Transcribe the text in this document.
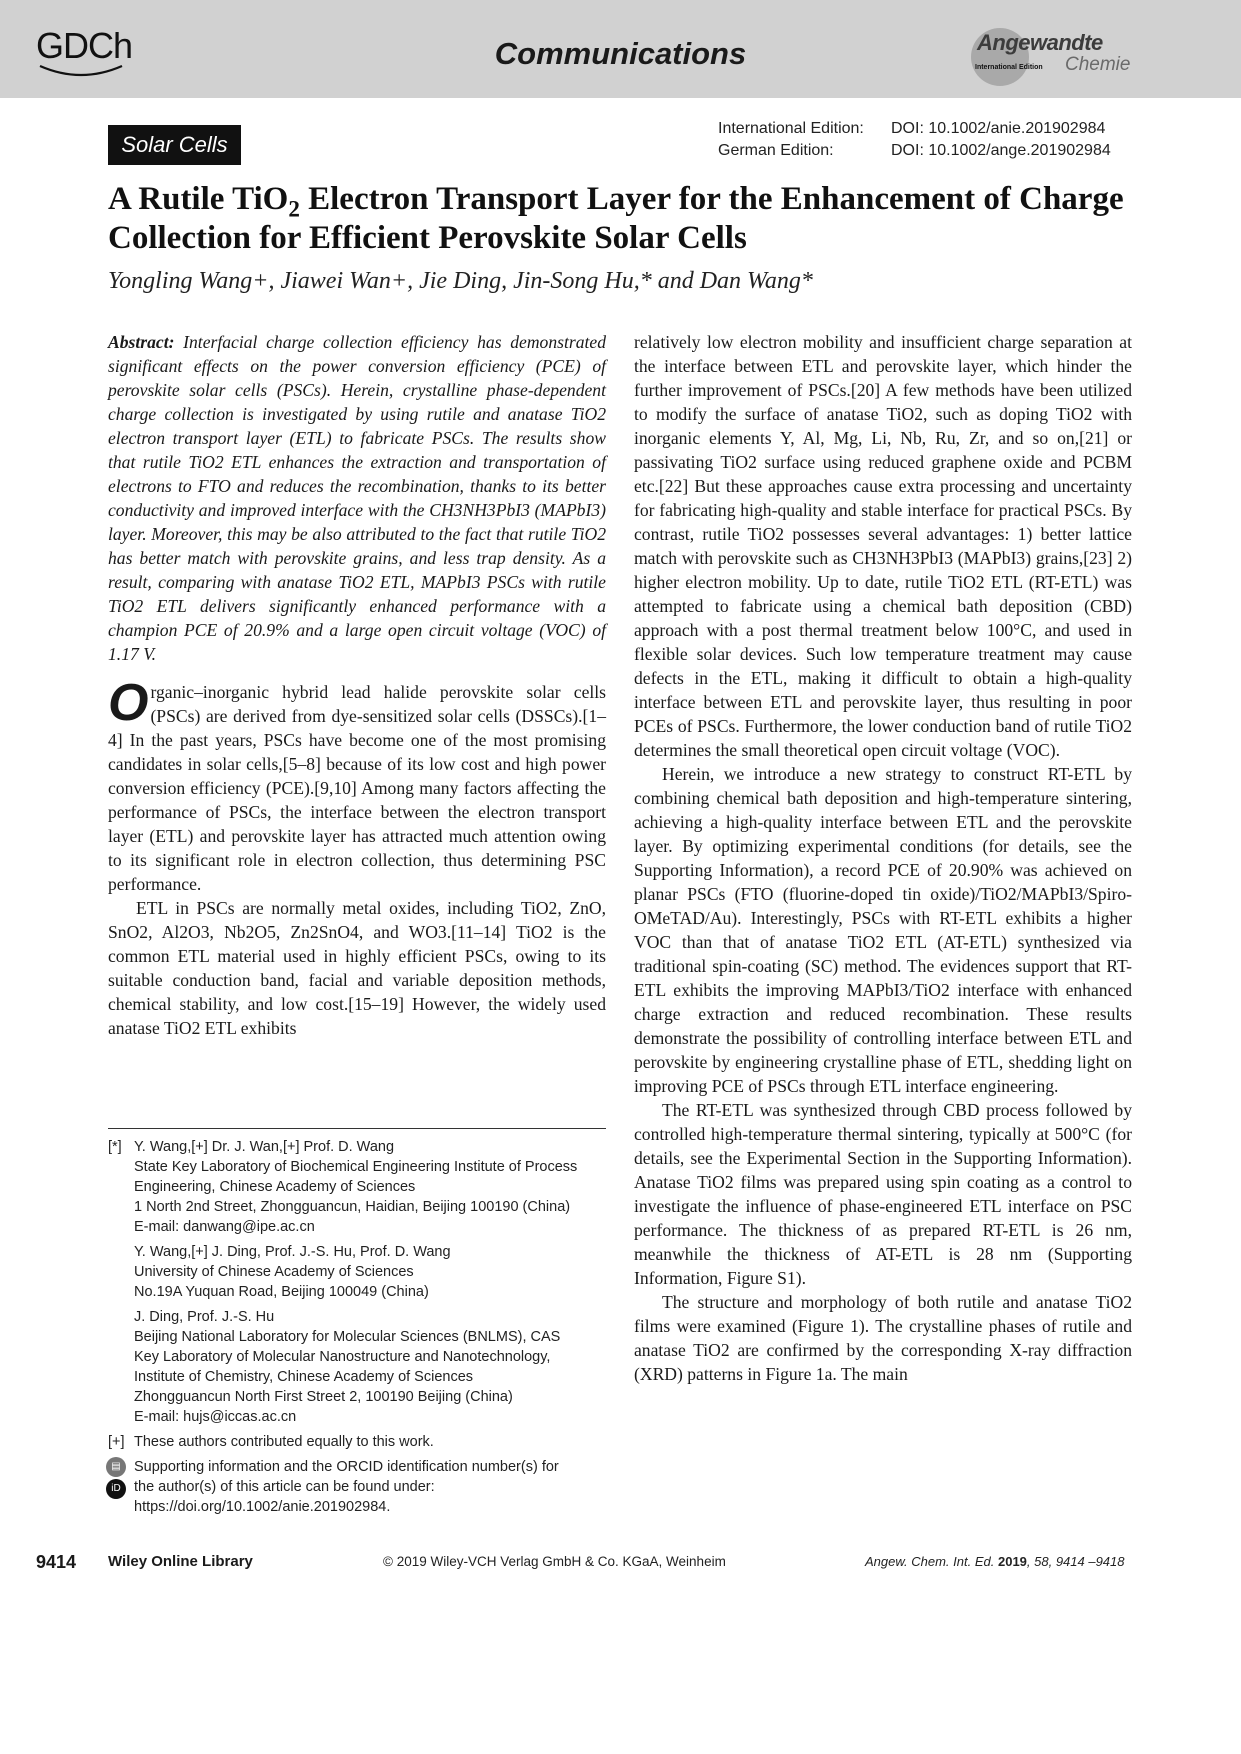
GDCh	Communications	Angewandte
International Edition Chemie
Solar Cells
International Edition: DOI: 10.1002/anie.201902984
German Edition:	DOI: 10.1002/ange.201902984
A Rutile TiO$_2$ Electron Transport Layer for the Enhancement of Charge Collection for Efficient Perovskite Solar Cells
Yongling Wang+, Jiawei Wan+, Jie Ding, Jin-Song Hu,* and Dan Wang*

Abstract: Interfacial charge collection efficiency has demonstrated significant effects on the power conversion efficiency (PCE) of perovskite solar cells (PSCs). Herein, crystalline phase-dependent charge collection is investigated by using rutile and anatase TiO2 electron transport layer (ETL) to fabricate PSCs. The results show that rutile TiO2 ETL enhances the extraction and transportation of electrons to FTO and reduces the recombination, thanks to its better conductivity and improved interface with the CH3NH3PbI3 (MAPbI3) layer. Moreover, this may be also attributed to the fact that rutile TiO2 has better match with perovskite grains, and less trap density. As a result, comparing with anatase TiO2 ETL, MAPbI3 PSCs with rutile TiO2 ETL delivers significantly enhanced performance with a champion PCE of 20.9% and a large open circuit voltage (VOC) of 1.17 V.

Organic–inorganic hybrid lead halide perovskite solar cells (PSCs) are derived from dye-sensitized solar cells (DSSCs).[1–4] In the past years, PSCs have become one of the most promising candidates in solar cells,[5–8] because of its low cost and high power conversion efficiency (PCE).[9,10] Among many factors affecting the performance of PSCs, the interface between the electron transport layer (ETL) and perovskite layer has attracted much attention owing to its significant role in electron collection, thus determining PSC performance.

ETL in PSCs are normally metal oxides, including TiO2, ZnO, SnO2, Al2O3, Nb2O5, Zn2SnO4, and WO3.[11–14] TiO2 is the common ETL material used in highly efficient PSCs, owing to its suitable conduction band, facial and variable deposition methods, chemical stability, and low cost.[15–19] However, the widely used anatase TiO2 ETL exhibits

[*] Y. Wang,[+] Dr. J. Wan,[+] Prof. D. Wang
State Key Laboratory of Biochemical Engineering Institute of Process
Engineering, Chinese Academy of Sciences
1 North 2nd Street, Zhongguancun, Haidian, Beijing 100190 (China)
E-mail: danwang@ipe.ac.cn
Y. Wang,[+] J. Ding, Prof. J.-S. Hu, Prof. D. Wang
University of Chinese Academy of Sciences
No.19A Yuquan Road, Beijing 100049 (China)
J. Ding, Prof. J.-S. Hu
Beijing National Laboratory for Molecular Sciences (BNLMS), CAS
Key Laboratory of Molecular Nanostructure and Nanotechnology,
Institute of Chemistry, Chinese Academy of Sciences
Zhongguancun North First Street 2, 100190 Beijing (China)
E-mail: hujs@iccas.ac.cn
[+] These authors contributed equally to this work.
▤
iD
Supporting information and the ORCID identification number(s) for
the author(s) of this article can be found under:
https://doi.org/10.1002/anie.201902984.

relatively low electron mobility and insufficient charge separation at the interface between ETL and perovskite layer, which hinder the further improvement of PSCs.[20] A few methods have been utilized to modify the surface of anatase TiO2, such as doping TiO2 with inorganic elements Y, Al, Mg, Li, Nb, Ru, Zr, and so on,[21] or passivating TiO2 surface using reduced graphene oxide and PCBM etc.[22] But these approaches cause extra processing and uncertainty for fabricating high-quality and stable interface for practical PSCs. By contrast, rutile TiO2 possesses several advantages: 1) better lattice match with perovskite such as CH3NH3PbI3 (MAPbI3) grains,[23] 2) higher electron mobility. Up to date, rutile TiO2 ETL (RT-ETL) was attempted to fabricate using a chemical bath deposition (CBD) approach with a post thermal treatment below 100°C, and used in flexible solar devices. Such low temperature treatment may cause defects in the ETL, making it difficult to obtain a high-quality interface between ETL and perovskite layer, thus resulting in poor PCEs of PSCs. Furthermore, the lower conduction band of rutile TiO2 determines the small theoretical open circuit voltage (VOC).

Herein, we introduce a new strategy to construct RT-ETL by combining chemical bath deposition and high-temperature sintering, achieving a high-quality interface between ETL and the perovskite layer. By optimizing experimental conditions (for details, see the Supporting Information), a record PCE of 20.90% was achieved on planar PSCs (FTO (fluorine-doped tin oxide)/TiO2/MAPbI3/Spiro-OMeTAD/Au). Interestingly, PSCs with RT-ETL exhibits a higher VOC than that of anatase TiO2 ETL (AT-ETL) synthesized via traditional spin-coating (SC) method. The evidences support that RT-ETL exhibits the improving MAPbI3/TiO2 interface with enhanced charge extraction and reduced recombination. These results demonstrate the possibility of controlling interface between ETL and perovskite by engineering crystalline phase of ETL, shedding light on improving PCE of PSCs through ETL interface engineering.

The RT-ETL was synthesized through CBD process followed by controlled high-temperature thermal sintering, typically at 500°C (for details, see the Experimental Section in the Supporting Information). Anatase TiO2 films was prepared using spin coating as a control to investigate the influence of phase-engineered ETL interface on PSC performance. The thickness of as prepared RT-ETL is 26 nm, meanwhile the thickness of AT-ETL is 28 nm (Supporting Information, Figure S1).

The structure and morphology of both rutile and anatase TiO2 films were examined (Figure 1). The crystalline phases of rutile and anatase TiO2 are confirmed by the corresponding X-ray diffraction (XRD) patterns in Figure 1a. The main

9414 Wiley Online Library	© 2019 Wiley-VCH Verlag GmbH & Co. KGaA, Weinheim	Angew. Chem. Int. Ed. 2019, 58, 9414 –9418
